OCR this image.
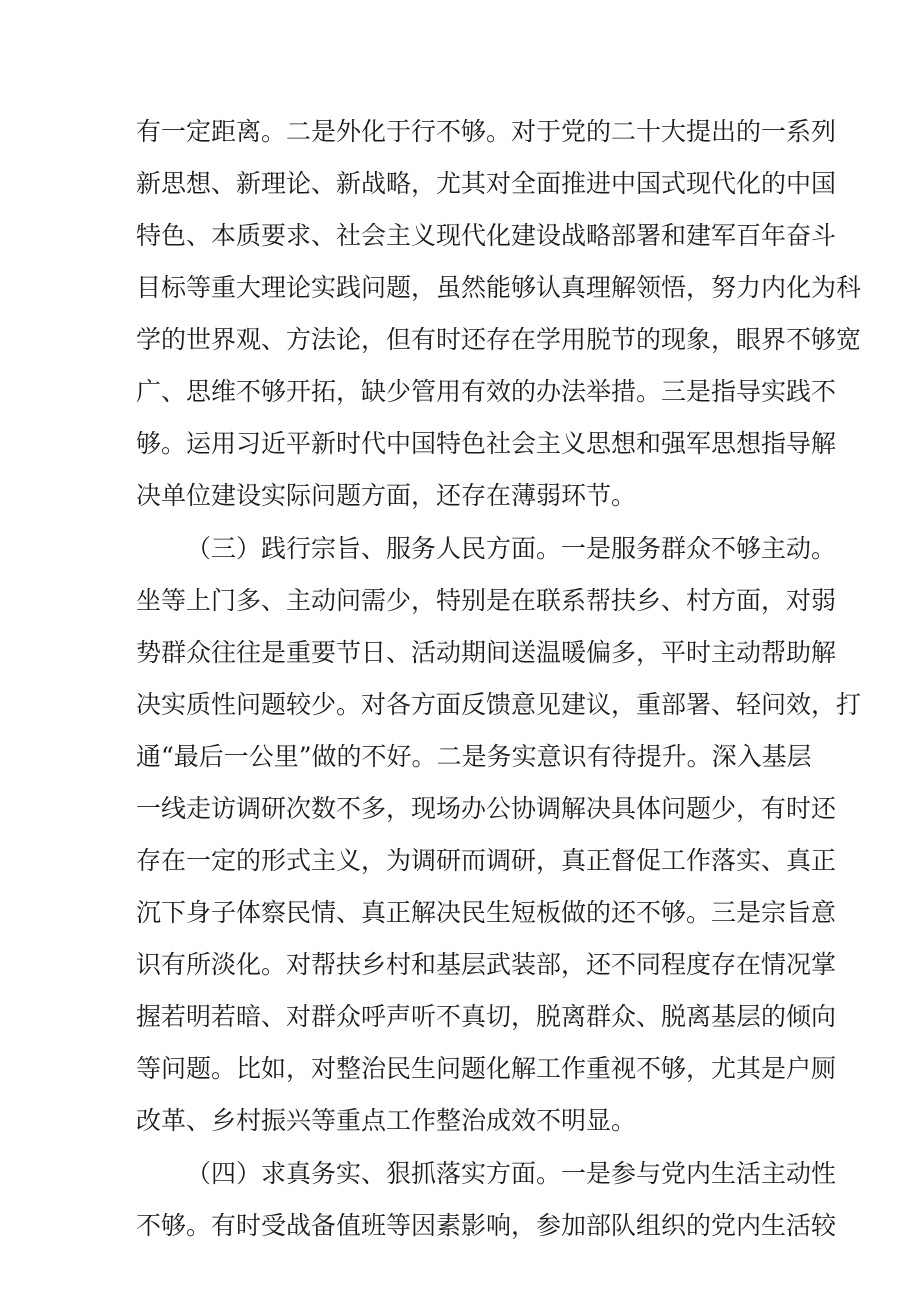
有一定距离。二是外化于行不够。对于党的二十大提出的一系列
新思想、新理论、新战略，尤其对全面推进中国式现代化的中国
特色、本质要求、社会主义现代化建设战略部署和建军百年奋斗
目标等重大理论实践问题，虽然能够认真理解领悟，努力内化为科
学的世界观、方法论，但有时还存在学用脱节的现象，眼界不够宽
广、思维不够开拓，缺少管用有效的办法举措。三是指导实践不
够。运用习近平新时代中国特色社会主义思想和强军思想指导解
决单位建设实际问题方面，还存在薄弱环节。
（三）践行宗旨、服务人民方面。一是服务群众不够主动。
坐等上门多、主动问需少，特别是在联系帮扶乡、村方面，对弱
势群众往往是重要节日、活动期间送温暖偏多，平时主动帮助解
决实质性问题较少。对各方面反馈意见建议，重部署、轻问效，打
通“最后一公里”做的不好。二是务实意识有待提升。深入基层
一线走访调研次数不多，现场办公协调解决具体问题少，有时还
存在一定的形式主义，为调研而调研，真正督促工作落实、真正
沉下身子体察民情、真正解决民生短板做的还不够。三是宗旨意
识有所淡化。对帮扶乡村和基层武装部，还不同程度存在情况掌
握若明若暗、对群众呼声听不真切，脱离群众、脱离基层的倾向
等问题。比如，对整治民生问题化解工作重视不够，尤其是户厕
改革、乡村振兴等重点工作整治成效不明显。
（四）求真务实、狠抓落实方面。一是参与党内生活主动性
不够。有时受战备值班等因素影响，参加部队组织的党内生活较
